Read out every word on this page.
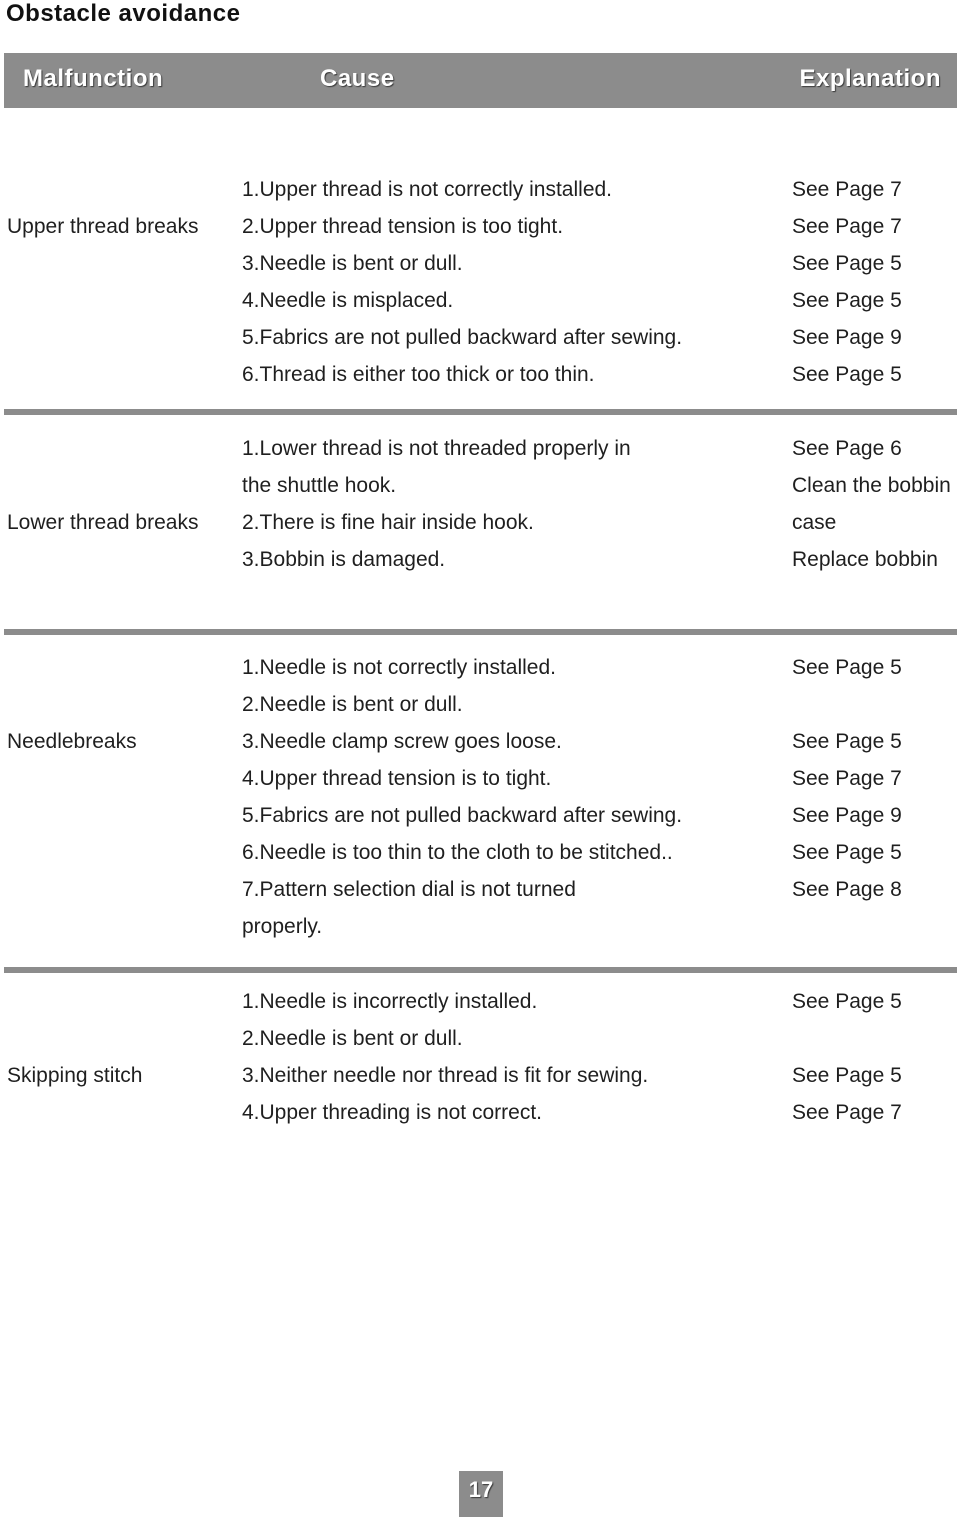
Obstacle avoidance
Malfunction	Cause	Explanation
Upper thread breaks
1.Upper thread is not correctly installed.
2.Upper thread tension is too tight.
3.Needle is bent or dull.
4.Needle is misplaced.
5.Fabrics are not pulled backward after sewing.
6.Thread is either too thick or too thin.
See Page 7
See Page 7
See Page 5
See Page 5
See Page 9
See Page 5
Lower thread breaks
1.Lower thread is not threaded properly in
the shuttle hook.
2.There is fine hair inside hook.
3.Bobbin is damaged.
See Page 6
Clean the bobbin
case
Replace bobbin
Needlebreaks
1.Needle is not correctly installed.
2.Needle is bent or dull.
3.Needle clamp screw goes loose.
4.Upper thread tension is to tight.
5.Fabrics are not pulled backward after sewing.
6.Needle is too thin to the cloth to be stitched..
7.Pattern selection dial is not turned
properly.
See Page 5
See Page 5
See Page 7
See Page 9
See Page 5
See Page 8
Skipping stitch
1.Needle is incorrectly installed.
2.Needle is bent or dull.
3.Neither needle nor thread is fit for sewing.
4.Upper threading is not correct.
See Page 5
See Page 5
See Page 7
17
